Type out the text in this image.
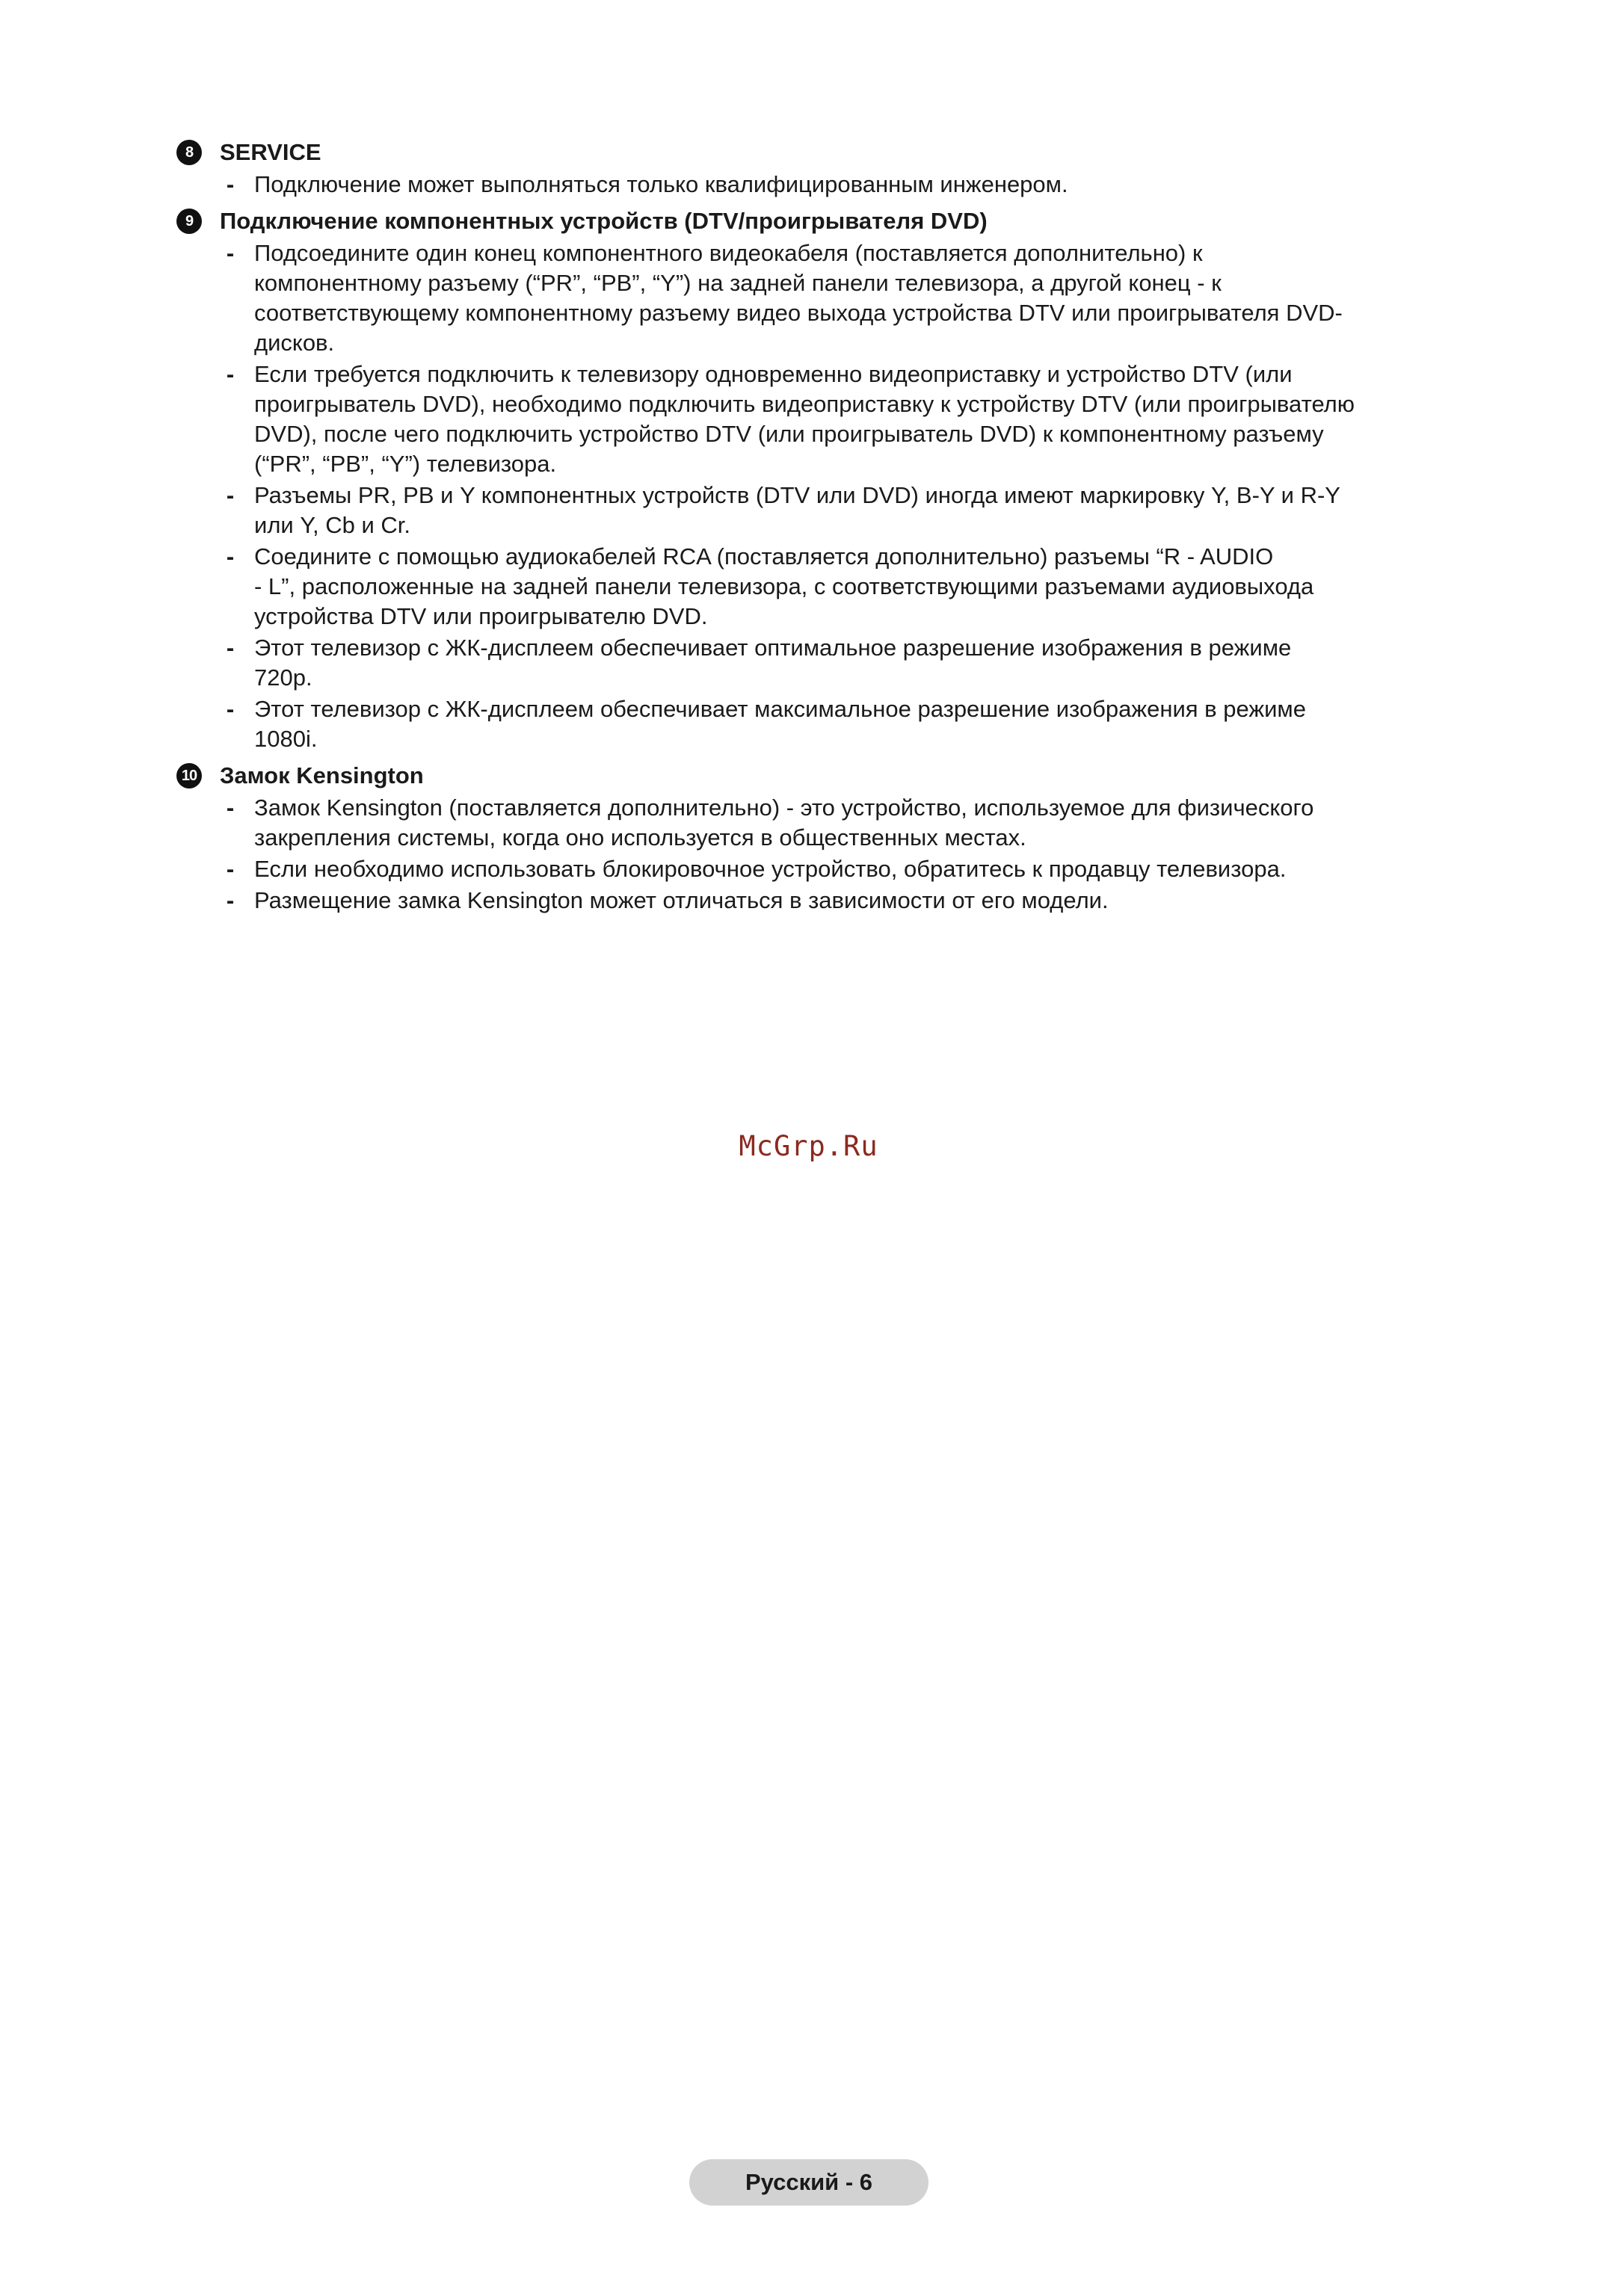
8	SERVICE
- Подключение может выполняться только квалифицированным инженером.
9	Подключение компонентных устройств (DTV/проигрывателя DVD)
- Подсоедините один конец компонентного видеокабеля (поставляется дополнительно) к
компонентному разъему (“PR”, “PB”, “Y”) на задней панели телевизора, а другой конец - к
соответствующему компонентному разъему видео выхода устройства DTV или проигрывателя DVD-
дисков.
- Если требуется подключить к телевизору одновременно видеоприставку и устройство DTV (или
проигрыватель DVD), необходимо подключить видеоприставку к устройству DTV (или проигрывателю
DVD), после чего подключить устройство DTV (или проигрыватель DVD) к компонентному разъему
(“PR”, “PB”, “Y”) телевизора.
- Разъемы PR, PB и Y компонентных устройств (DTV или DVD) иногда имеют маркировку Y, B-Y и R-Y
или Y, Cb и Cr.
- Соедините с помощью аудиокабелей RCA (поставляется дополнительно) разъемы “R - AUDIO
- L”, расположенные на задней панели телевизора, с соответствующими разъемами аудиовыхода
устройства DTV или проигрывателю DVD.
- Этот телевизор с ЖК-дисплеем обеспечивает оптимальное разрешение изображения в режиме
720p.
- Этот телевизор с ЖК-дисплеем обеспечивает максимальное разрешение изображения в режиме
1080i.
10 Замок Kensington
- Замок Kensington (поставляется дополнительно) - это устройство, используемое для физического
закрепления системы, когда оно используется в общественных местах.
- Если необходимо использовать блокировочное устройство, обратитесь к продавцу телевизора.
- Размещение замка Kensington может отличаться в зависимости от его модели.
McGrp.Ru
Русский - 6
